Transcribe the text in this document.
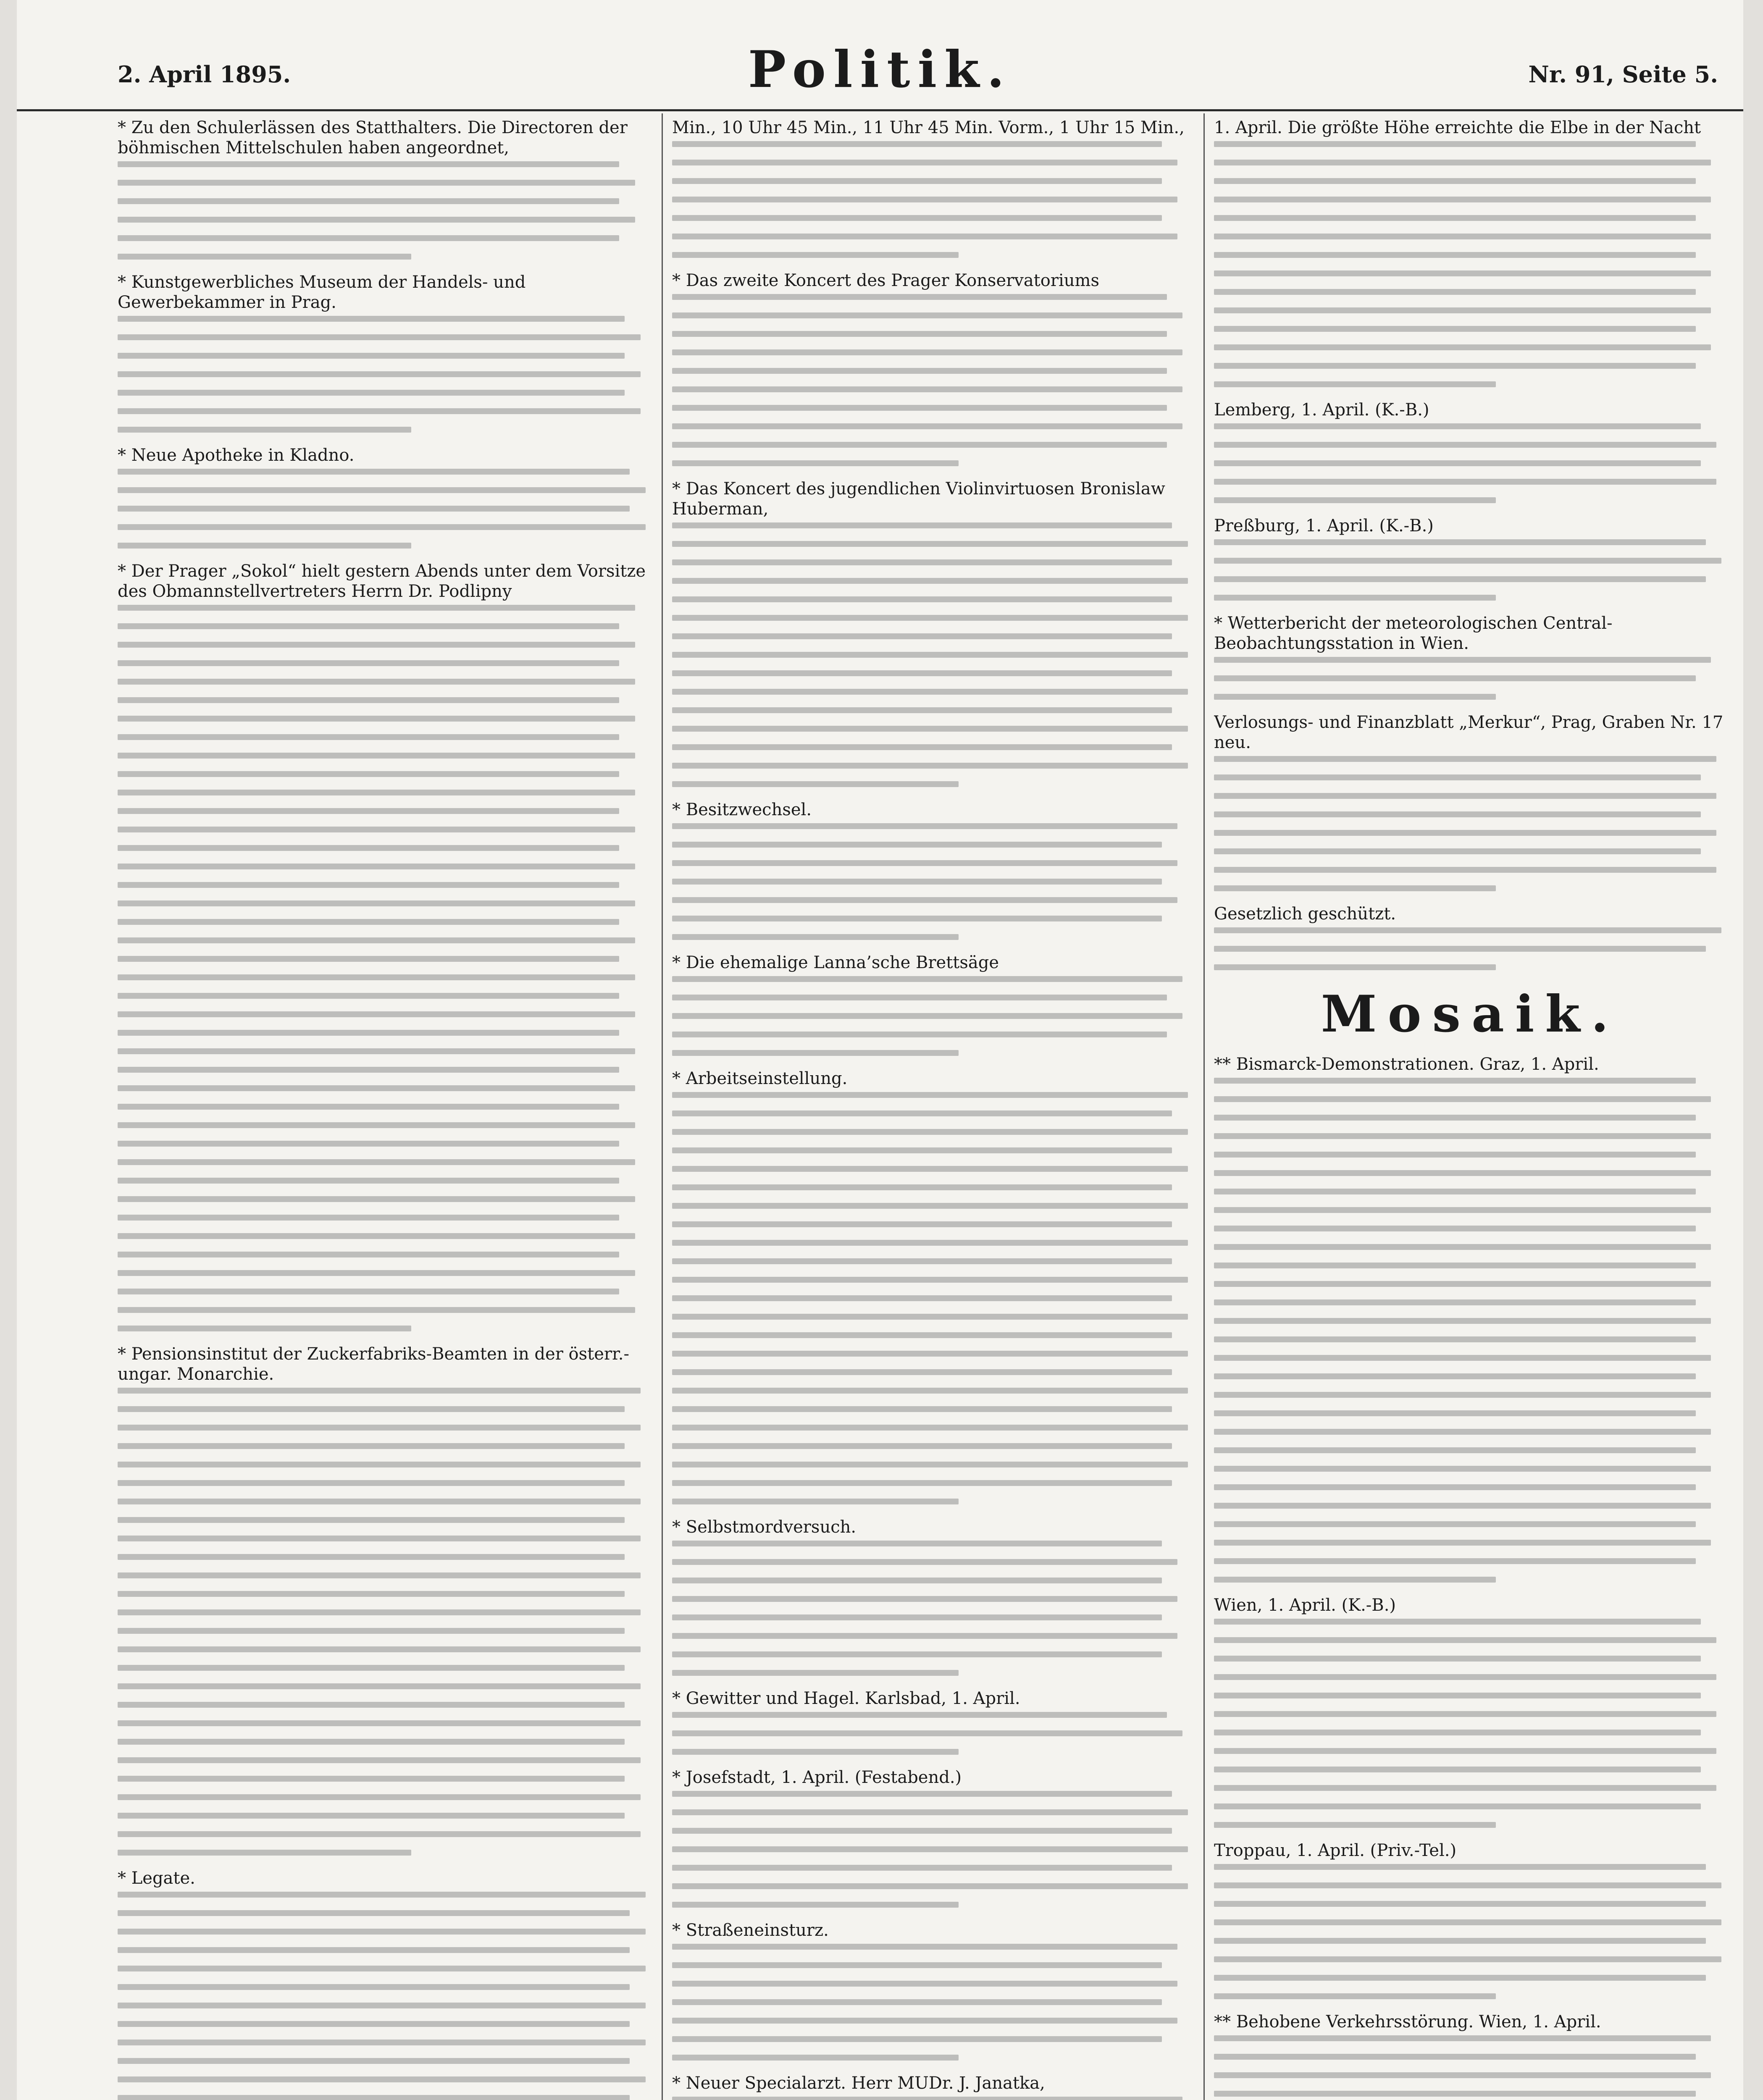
2. April 1895.	Politik.	Nr. 91, Seite 5.

* Zu den Schulerlässen des Statthalters. Die Directoren der böhmischen Mittelschulen haben angeordnet,

* Kunstgewerbliches Museum der Handels- und Gewerbekammer in Prag.

* Neue Apotheke in Kladno.

* Der Prager „Sokol“ hielt gestern Abends unter dem Vorsitze des Obmannstellvertreters Herrn Dr. Podlipny

* Pensionsinstitut der Zuckerfabriks-Beamten in der österr.-ungar. Monarchie.

* Legate.

Min., 10 Uhr 45 Min., 11 Uhr 45 Min. Vorm., 1 Uhr 15 Min.,

* Das zweite Koncert des Prager Konservatoriums

* Das Koncert des jugendlichen Violinvirtuosen Bronislaw Huberman,

* Besitzwechsel.

* Die ehemalige Lanna’sche Brettsäge

* Arbeitseinstellung.

* Selbstmordversuch.

* Gewitter und Hagel. Karlsbad, 1. April.

* Josefstadt, 1. April. (Festabend.)

* Straßeneinsturz.

* Neuer Specialarzt. Herr MUDr. J. Janatka,

1. April. Die größte Höhe erreichte die Elbe in der Nacht

Lemberg, 1. April. (K.-B.)

Preßburg, 1. April. (K.-B.)

* Wetterbericht der meteorologischen Central-Beobachtungsstation in Wien.

Verlosungs- und Finanzblatt „Merkur“, Prag, Graben Nr. 17 neu.

Gesetzlich geschützt.

Mosaik.

** Bismarck-Demonstrationen. Graz, 1. April.

Wien, 1. April. (K.-B.)

Troppau, 1. April. (Priv.-Tel.)

** Behobene Verkehrsstörung. Wien, 1. April.
